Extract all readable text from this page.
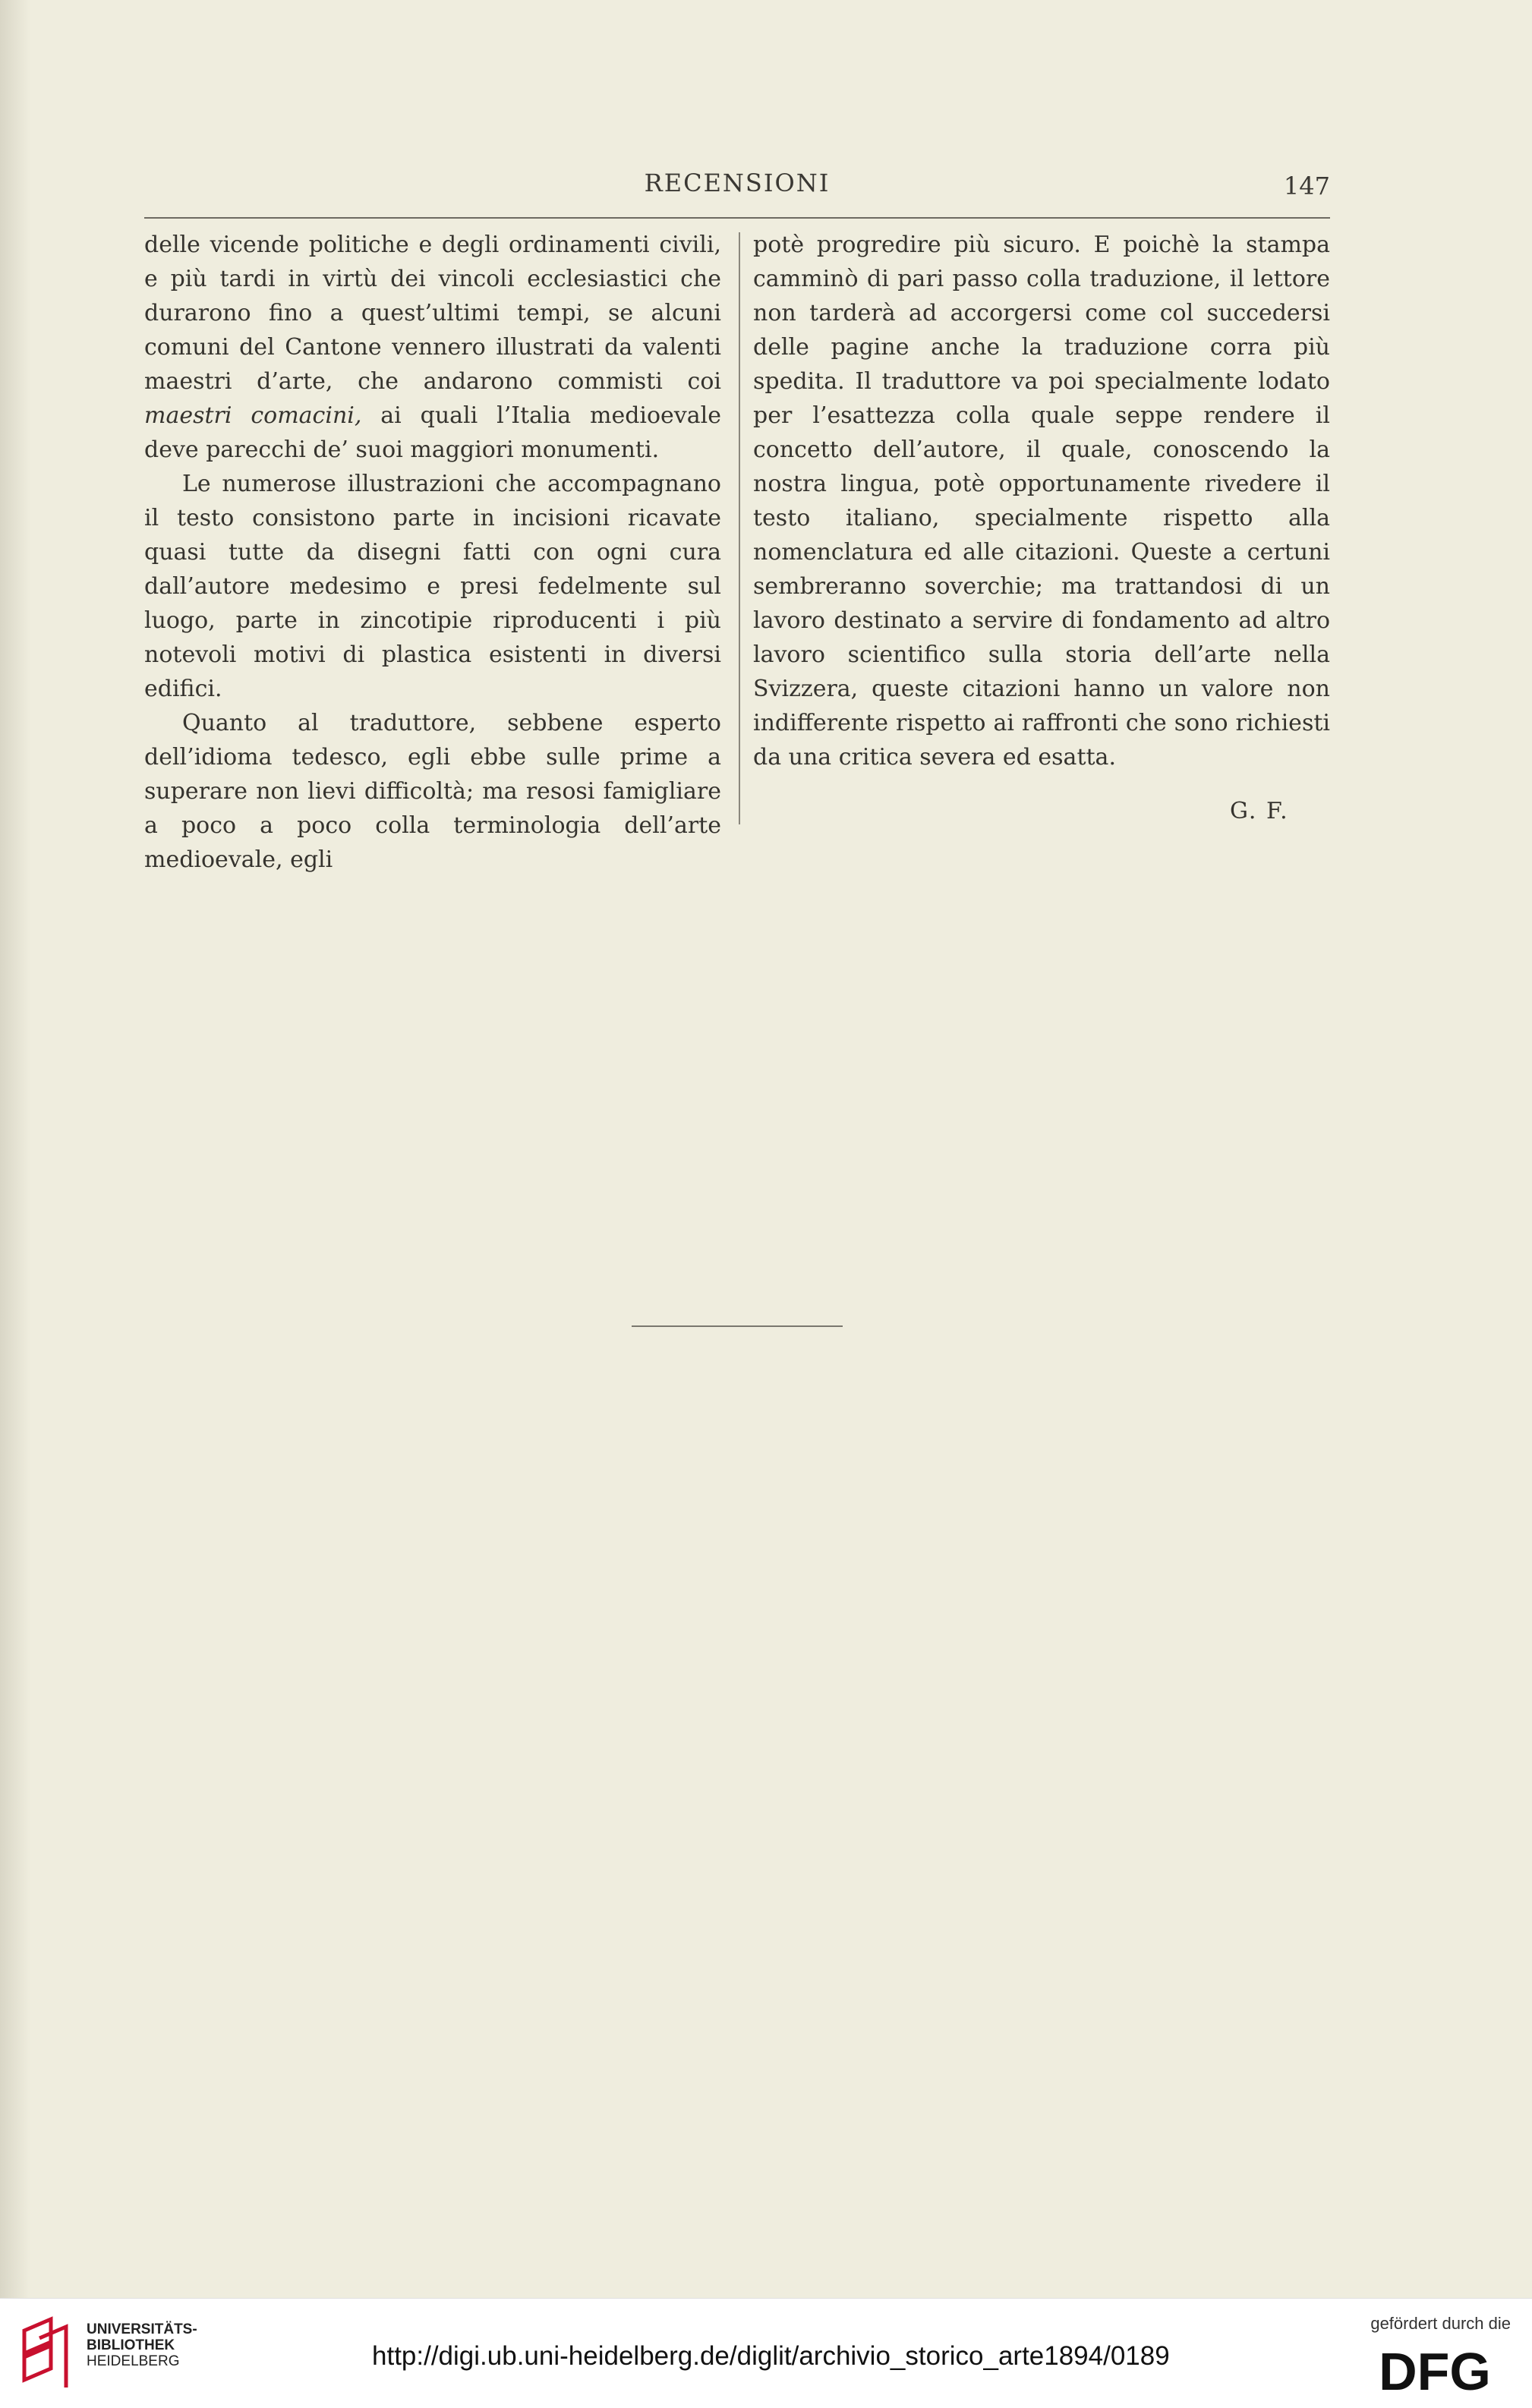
RECENSIONI	147

delle vicende politiche e degli ordinamenti civili, e più tardi in virtù dei vincoli ecclesiastici che durarono fino a quest’ultimi tempi, se alcuni comuni del Cantone vennero illustrati da valenti maestri d’arte, che andarono commisti coi maestri comacini, ai quali l’Italia medioevale deve parecchi de’ suoi maggiori monumenti.

Le numerose illustrazioni che accompagnano il testo consistono parte in incisioni ricavate quasi tutte da disegni fatti con ogni cura dall’autore medesimo e presi fedelmente sul luogo, parte in zincotipie riproducenti i più notevoli motivi di plastica esistenti in diversi edifici.

Quanto al traduttore, sebbene esperto dell’idioma tedesco, egli ebbe sulle prime a superare non lievi difficoltà; ma resosi famigliare a poco a poco colla terminologia dell’arte medioevale, egli

potè progredire più sicuro. E poichè la stampa camminò di pari passo colla traduzione, il lettore non tarderà ad accorgersi come col succedersi delle pagine anche la traduzione corra più spedita. Il traduttore va poi specialmente lodato per l’esattezza colla quale seppe rendere il concetto dell’autore, il quale, conoscendo la nostra lingua, potè opportunamente rivedere il testo italiano, specialmente rispetto alla nomenclatura ed alle citazioni. Queste a certuni sembreranno soverchie; ma trattandosi di un lavoro destinato a servire di fondamento ad altro lavoro scientifico sulla storia dell’arte nella Svizzera, queste citazioni hanno un valore non indifferente rispetto ai raffronti che sono richiesti da una critica severa ed esatta.

G. F.
UNIVERSITÄTS-
BIBLIOTHEK
HEIDELBERG	http://digi.ub.uni-heidelberg.de/diglit/archivio_storico_arte1894/0189
gefördert durch die
DFG
